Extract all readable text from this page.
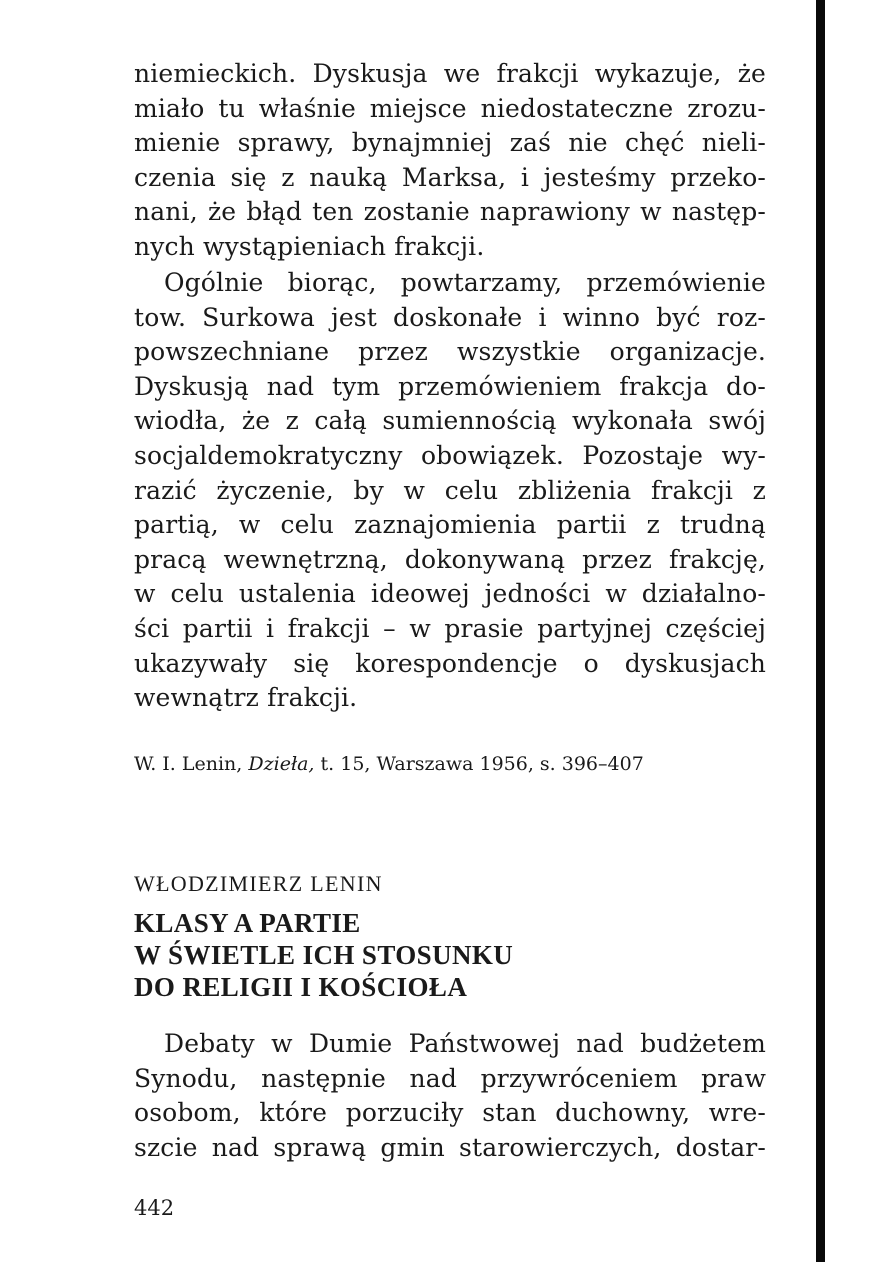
niemieckich. Dyskusja we frakcji wykazuje, że
miało tu właśnie miejsce niedostateczne zrozu-
mienie sprawy, bynajmniej zaś nie chęć nieli-
czenia się z nauką Marksa, i jesteśmy przeko-
nani, że błąd ten zostanie naprawiony w następ-
nych wystąpieniach frakcji.
Ogólnie biorąc, powtarzamy, przemówienie
tow. Surkowa jest doskonałe i winno być roz-
powszechniane przez wszystkie organizacje.
Dyskusją nad tym przemówieniem frakcja do-
wiodła, że z całą sumiennością wykonała swój
socjaldemokratyczny obowiązek. Pozostaje wy-
razić życzenie, by w celu zbliżenia frakcji z
partią, w celu zaznajomienia partii z trudną
pracą wewnętrzną, dokonywaną przez frakcję,
w celu ustalenia ideowej jedności w działalno-
ści partii i frakcji – w prasie partyjnej częściej
ukazywały się korespondencje o dyskusjach
wewnątrz frakcji.
W. I. Lenin, Dzieła, t. 15, Warszawa 1956, s. 396–407
WŁODZIMIERZ LENIN
KLASY A PARTIE
W ŚWIETLE ICH STOSUNKU
DO RELIGII I KOŚCIOŁA
Debaty w Dumie Państwowej nad budżetem
Synodu, następnie nad przywróceniem praw
osobom, które porzuciły stan duchowny, wre-
szcie nad sprawą gmin starowierczych, dostar-
442
